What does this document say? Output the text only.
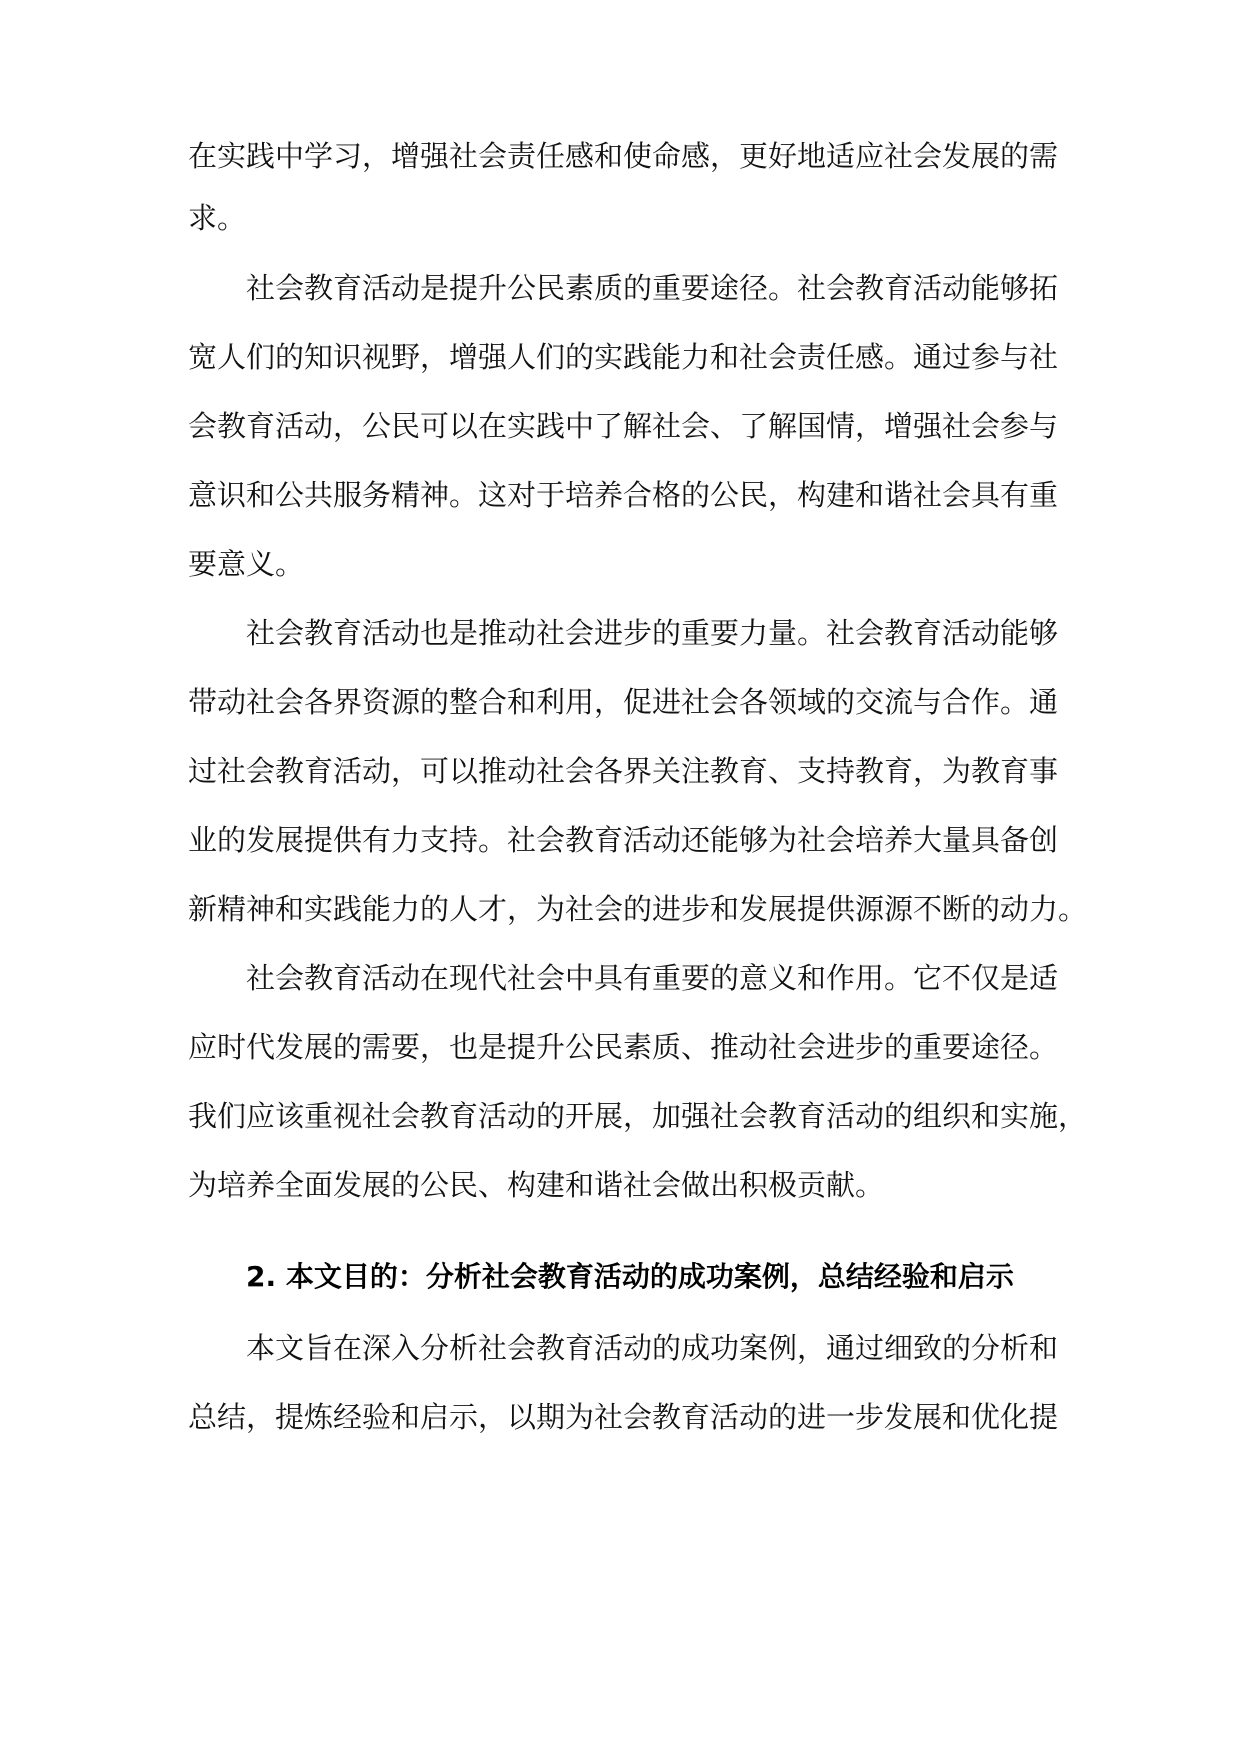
在实践中学习，增强社会责任感和使命感，更好地适应社会发展的需
求。
社会教育活动是提升公民素质的重要途径。社会教育活动能够拓
宽人们的知识视野，增强人们的实践能力和社会责任感。通过参与社
会教育活动，公民可以在实践中了解社会、了解国情，增强社会参与
意识和公共服务精神。这对于培养合格的公民，构建和谐社会具有重
要意义。
社会教育活动也是推动社会进步的重要力量。社会教育活动能够
带动社会各界资源的整合和利用，促进社会各领域的交流与合作。通
过社会教育活动，可以推动社会各界关注教育、支持教育，为教育事
业的发展提供有力支持。社会教育活动还能够为社会培养大量具备创
新精神和实践能力的人才，为社会的进步和发展提供源源不断的动力。
社会教育活动在现代社会中具有重要的意义和作用。它不仅是适
应时代发展的需要，也是提升公民素质、推动社会进步的重要途径。
我们应该重视社会教育活动的开展，加强社会教育活动的组织和实施，
为培养全面发展的公民、构建和谐社会做出积极贡献。
2. 本文目的：分析社会教育活动的成功案例，总结经验和启示
本文旨在深入分析社会教育活动的成功案例，通过细致的分析和
总结，提炼经验和启示，以期为社会教育活动的进一步发展和优化提
